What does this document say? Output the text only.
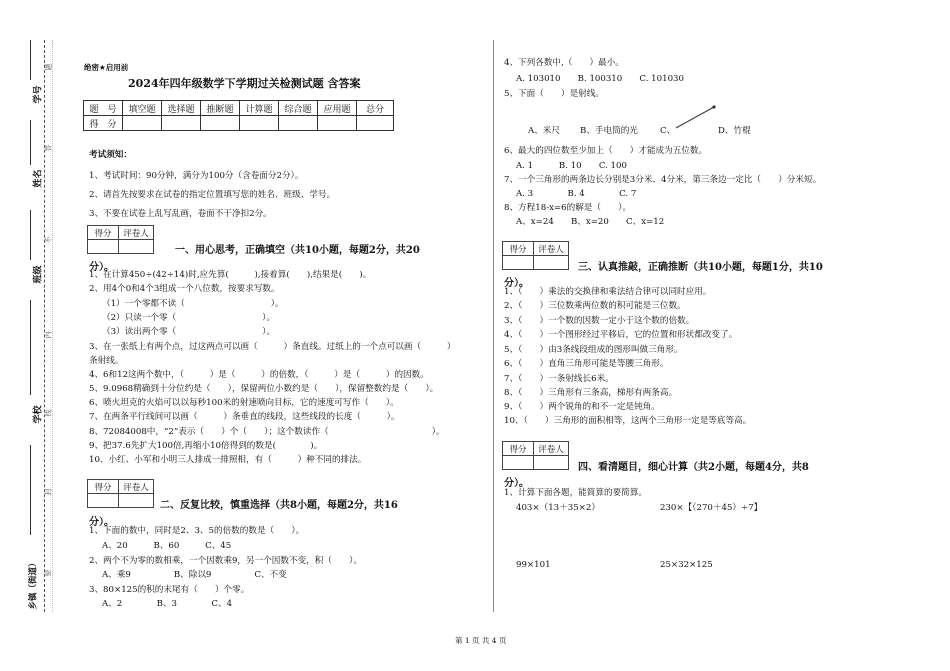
学号
姓名
班级
学校
乡镇（街道）
题
答
不
内
线
封
密
绝密★启用前
2024年四年级数学下学期过关检测试题 含答案
题　号	填空题	选择题	推断题	计算题	综合题	应用题	总分
得　分							
考试须知：
1、考试时间：90分钟，满分为100分（含卷面分2分）。
2、请首先按要求在试卷的指定位置填写您的姓名、班级、学号。
3、不要在试卷上乱写乱画，卷面不干净扣2分。
得分	评卷人

一、用心思考，正确填空（共10小题，每题2分，共20
分）。
1、在计算450÷(42÷14)时,应先算(　　　),接着算(　　),结果是(　　)。
2、用4个0和4个3组成一个八位数，按要求写数。
（1）一个零都不读（　　　　　　　　　　）。
（2）只读一个零（　　　　　　　　　　）。
（3）读出两个零（　　　　　　　　　　）。
3、在一张纸上有两个点，过这两点可以画（　　　）条直线。过纸上的一个点可以画（　　　）
条射线。
4、6和12这两个数中，（　　　）是（　　　）的倍数，（　　　）是（　　　）的因数。
5、9.0968精确到十分位约是（　　），保留两位小数约是（　　），保留整数约是（　　）。
6、喷火坦克的火焰可以以每秒100米的射速喷向目标，它的速度可写作（　　）。
7、在两条平行线间可以画（　　　）条垂直的线段，这些线段的长度（　　　）。
8、72084008中，“2”表示（　　）个（　　）；这个数读作（　　　　　　　　　　　　）。
9、把37.6先扩大100倍,再缩小10倍得到的数是(　　　　)。
10、小红、小军和小明三人排成一排照相，有（　　　）种不同的排法。
得分	评卷人

二、反复比较，慎重选择（共8小题，每题2分，共16
分）。
1、下面的数中，同时是2、3、5的倍数的数是（　　）。
A、20　　　B、60　　　C、45
2、两个不为零的数相乘，一个因数乘9，另一个因数不变，积（　　）。
A、乘9　　　　　B、除以9　　　　　C、不变
3、80×125的积的末尾有（　　）个零。
A、2　　　　B、3　　　　C、4
4、下列各数中,（　　）最小。
A. 103010　　B. 100310　　C. 101030
5、下面（　　）是射线。
A、米尺 B、手电筒的光	C、	D、竹棍
6、最大的四位数至少加上（　　）才能成为五位数。
A. 1　　　B. 10　　C. 100
7、一个三角形的两条边长分别是3分米、4分米，第三条边一定比（　　）分米短。
A. 3　　　　B. 4　　　　C. 7
8、方程18-x=6的解是（　　）。
A、x=24　　B、x=20　　C、x=12
得分	评卷人

三、认真推敲，正确推断（共10小题，每题1分，共10
分）。
1、（　　）乘法的交换律和乘法结合律可以同时应用。
2、（　　）三位数乘两位数的积可能是三位数。
3、（　　）一个数的因数一定小于这个数的倍数。
4、（　　）一个图形经过平移后，它的位置和形状都改变了。
5、（　　）由3条线段组成的图形叫做三角形。
6、（　　）直角三角形可能是等腰三角形。
7、（　　）一条射线长6米。
8、（　　）三角形有三条高，梯形有两条高。
9、（　　）两个锐角的和不一定是钝角。
10、（　　）三角形的面积相等，这两个三角形一定是等底等高。
得分	评卷人

四、看清题目，细心计算（共2小题，每题4分，共8
分）。
1、计算下面各题，能简算的要简算。
403×（13＋35×2）	230×【（270＋45）÷7】
99×101	25×32×125
第 1 页 共 4 页
